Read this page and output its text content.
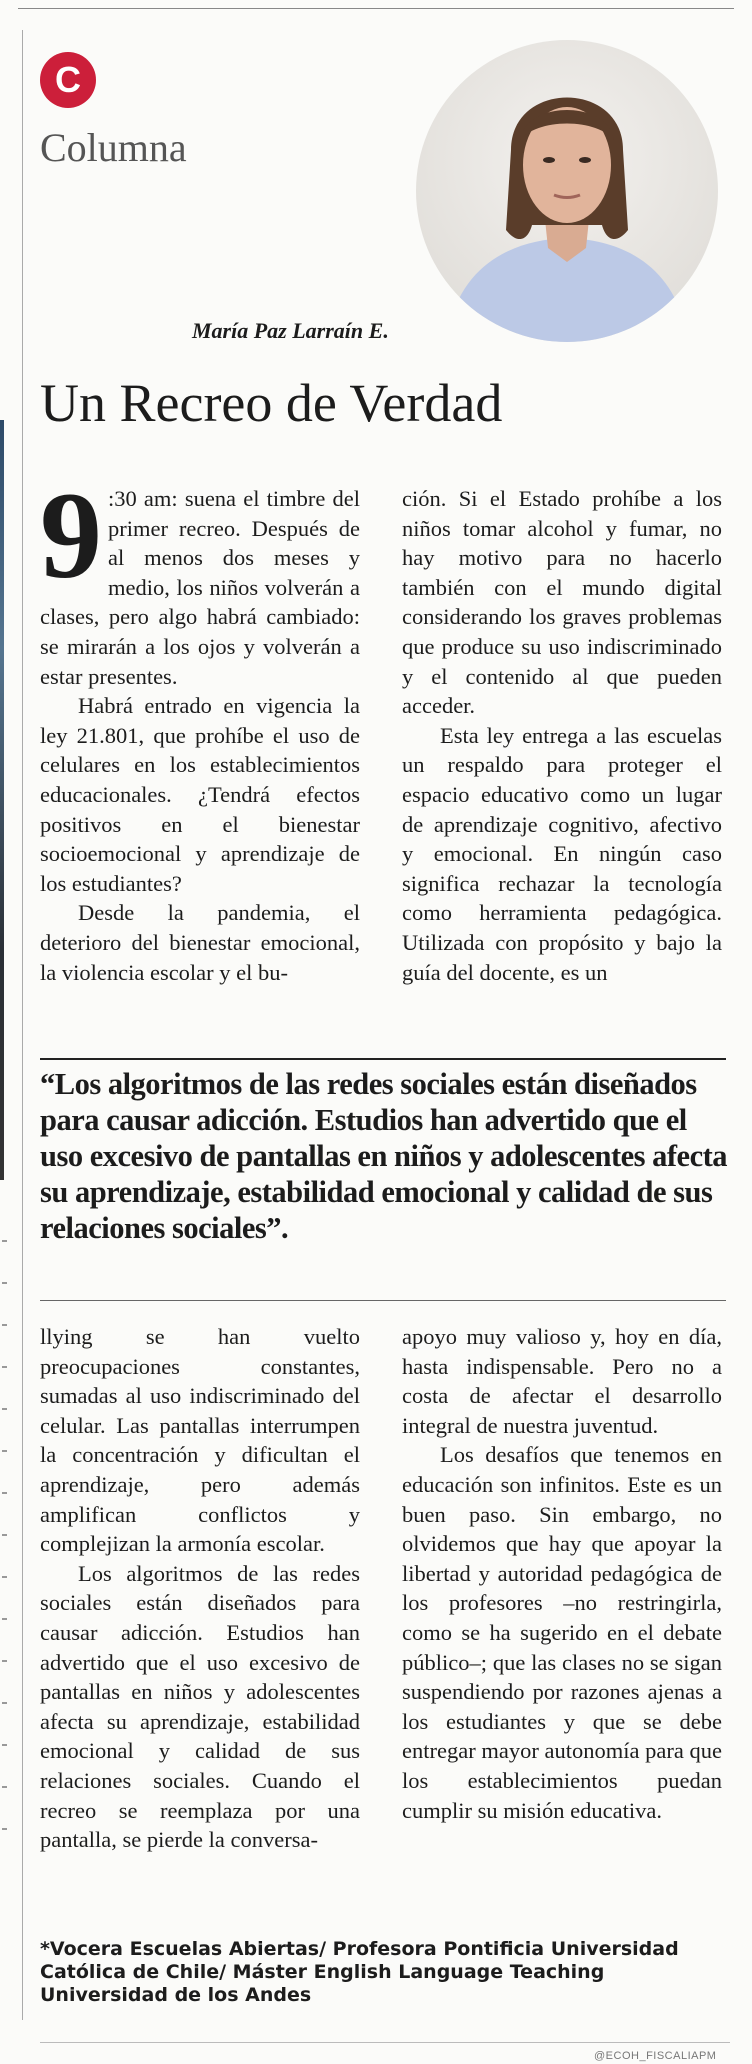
C
Columna
María Paz Larraín E.
Un Recreo de Verdad

9 :30 am: suena el timbre del primer recreo. Después de al menos dos meses y medio, los niños volverán a clases, pero algo habrá cambiado: se mirarán a los ojos y volverán a estar presentes.

Habrá entrado en vigencia la ley 21.801, que prohíbe el uso de celulares en los establecimientos educacionales. ¿Tendrá efectos positivos en el bienestar socioemocional y aprendizaje de los estudiantes?

Desde la pandemia, el deterioro del bienestar emocional, la violencia escolar y el bu-

ción. Si el Estado prohíbe a los niños tomar alcohol y fumar, no hay motivo para no hacerlo también con el mundo digital considerando los graves problemas que produce su uso indiscriminado y el contenido al que pueden acceder.

Esta ley entrega a las escuelas un respaldo para proteger el espacio educativo como un lugar de aprendizaje cognitivo, afectivo y emocional. En ningún caso significa rechazar la tecnología como herramienta pedagógica. Utilizada con propósito y bajo la guía del docente, es un

“Los algoritmos de las redes sociales están diseñados para causar adicción. Estudios han advertido que el uso excesivo de pantallas en niños y adolescentes afecta su aprendizaje, estabilidad emocional y calidad de sus relaciones sociales”.

llying se han vuelto preocupaciones constantes, sumadas al uso indiscriminado del celular. Las pantallas interrumpen la concentración y dificultan el aprendizaje, pero además amplifican conflictos y complejizan la armonía escolar.

Los algoritmos de las redes sociales están diseñados para causar adicción. Estudios han advertido que el uso excesivo de pantallas en niños y adolescentes afecta su aprendizaje, estabilidad emocional y calidad de sus relaciones sociales. Cuando el recreo se reemplaza por una pantalla, se pierde la conversa-

apoyo muy valioso y, hoy en día, hasta indispensable. Pero no a costa de afectar el desarrollo integral de nuestra juventud.

Los desafíos que tenemos en educación son infinitos. Este es un buen paso. Sin embargo, no olvidemos que hay que apoyar la libertad y autoridad pedagógica de los profesores –no restringirla, como se ha sugerido en el debate público–; que las clases no se sigan suspendiendo por razones ajenas a los estudiantes y que se debe entregar mayor autonomía para que los establecimientos puedan cumplir su misión educativa.

*Vocera Escuelas Abiertas/ Profesora Pontificia Universidad Católica de Chile/ Máster English Language Teaching Universidad de los Andes
@ECOH_FISCALIAPM
